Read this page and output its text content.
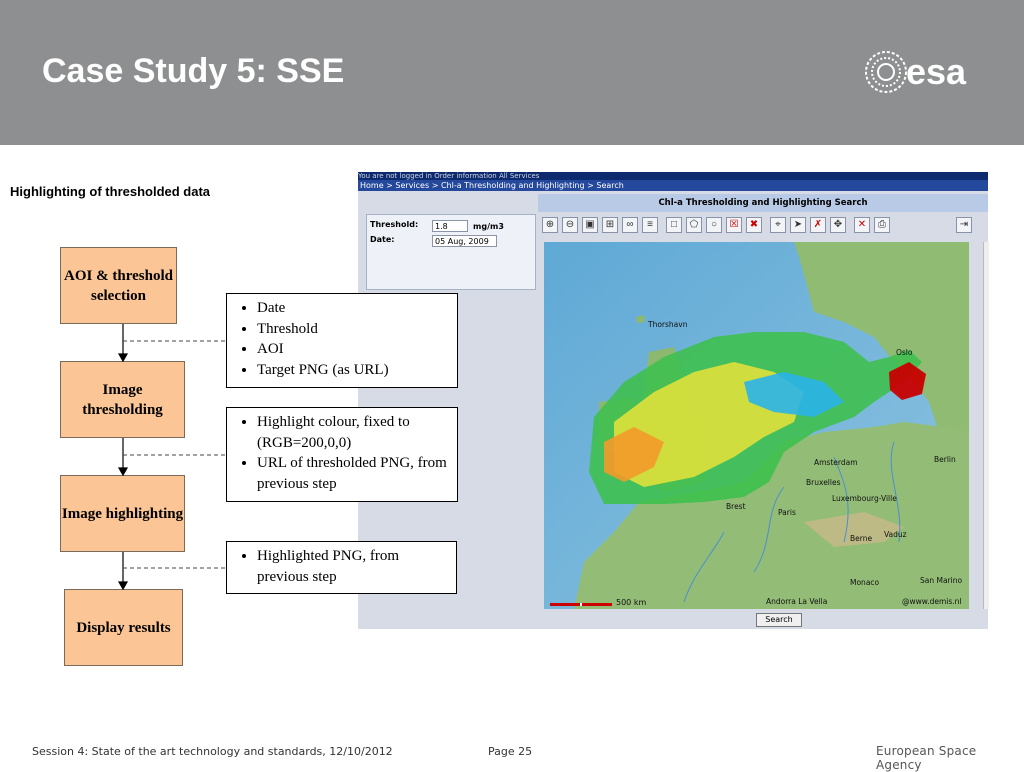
Case Study 5: SSE	esa
Highlighting of thresholded data
AOI & threshold selection
Image thresholding
Image highlighting
Display results
• Date
• Threshold
• AOI
• Target PNG (as URL)
• Highlight colour, fixed to (RGB=200,0,0)
• URL of thresholded PNG, from previous step
• Highlighted PNG, from previous step
You are not logged in Order information All Services
Home > Services > Chl-a Thresholding and Highlighting > Search
Chl-a Thresholding and Highlighting Search
Threshold:
1.8	mg/m3
Date:
05 Aug, 2009
⊕	⊖	▣	⊞	∞	≡	□	⬠	○	☒	✖	⌖	➤	✗	✥	✕	⎙	⇥
Thorshavn
Oslo
Amsterdam	Berlin
Bruxelles
Luxembourg-Ville
Paris
Berne Vaduz
Monaco	San Marino
Andorra La Vella
Brest
500 km	@www.demis.nl
Search
Session 4: State of the art technology and standards, 12/10/2012	Page 25	European Space Agency
